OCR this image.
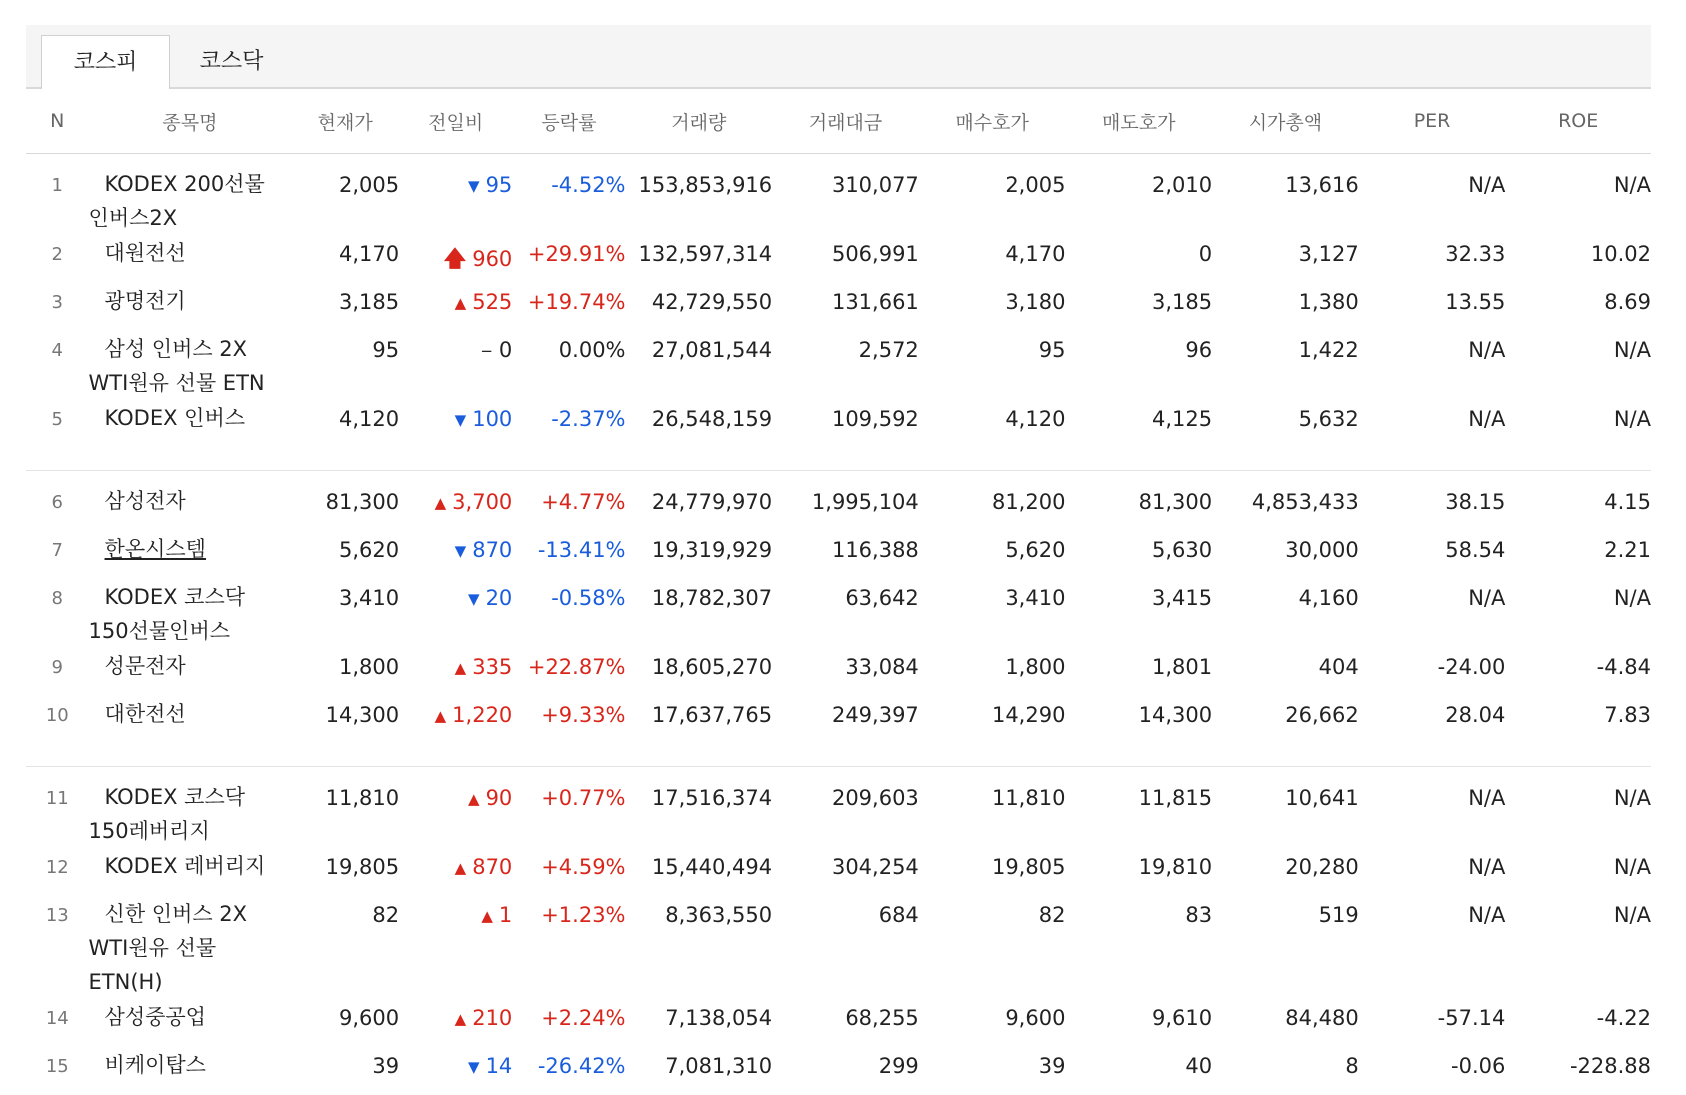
코스피	코스닥
N	종목명	현재가	전일비	등락률	거래량	거래대금	매수호가	매도호가	시가총액	PER	ROE

1	KODEX 200선물인버스2X	2,005	▼ 95	-4.52%	153,853,916	310,077	2,005	2,010	13,616	N/A	N/A
2	대원전선	4,170	🡅 960	+29.91%	132,597,314	506,991	4,170	0	3,127	32.33	10.02
3	광명전기	3,185	▲ 525	+19.74%	42,729,550	131,661	3,180	3,185	1,380	13.55	8.69
4	삼성 인버스 2X WTI원유 선물 ETN	95	− 0	0.00%	27,081,544	2,572	95	96	1,422	N/A	N/A
5	KODEX 인버스	4,120	▼ 100	-2.37%	26,548,159	109,592	4,120	4,125	5,632	N/A	N/A

6	삼성전자	81,300	▲ 3,700	+4.77%	24,779,970	1,995,104	81,200	81,300	4,853,433	38.15	4.15
7	한온시스템	5,620	▼ 870	-13.41%	19,319,929	116,388	5,620	5,630	30,000	58.54	2.21
8	KODEX 코스닥150선물인버스	3,410	▼ 20	-0.58%	18,782,307	63,642	3,410	3,415	4,160	N/A	N/A
9	성문전자	1,800	▲ 335	+22.87%	18,605,270	33,084	1,800	1,801	404	-24.00	-4.84
10	대한전선	14,300	▲ 1,220	+9.33%	17,637,765	249,397	14,290	14,300	26,662	28.04	7.83

11	KODEX 코스닥150레버리지	11,810	▲ 90	+0.77%	17,516,374	209,603	11,810	11,815	10,641	N/A	N/A
12	KODEX 레버리지	19,805	▲ 870	+4.59%	15,440,494	304,254	19,805	19,810	20,280	N/A	N/A
13	신한 인버스 2X WTI원유 선물 ETN(H)	82	▲ 1	+1.23%	8,363,550	684	82	83	519	N/A	N/A
14	삼성중공업	9,600	▲ 210	+2.24%	7,138,054	68,255	9,600	9,610	84,480	-57.14	-4.22
15	비케이탑스	39	▼ 14	-26.42%	7,081,310	299	39	40	8	-0.06	-228.88
